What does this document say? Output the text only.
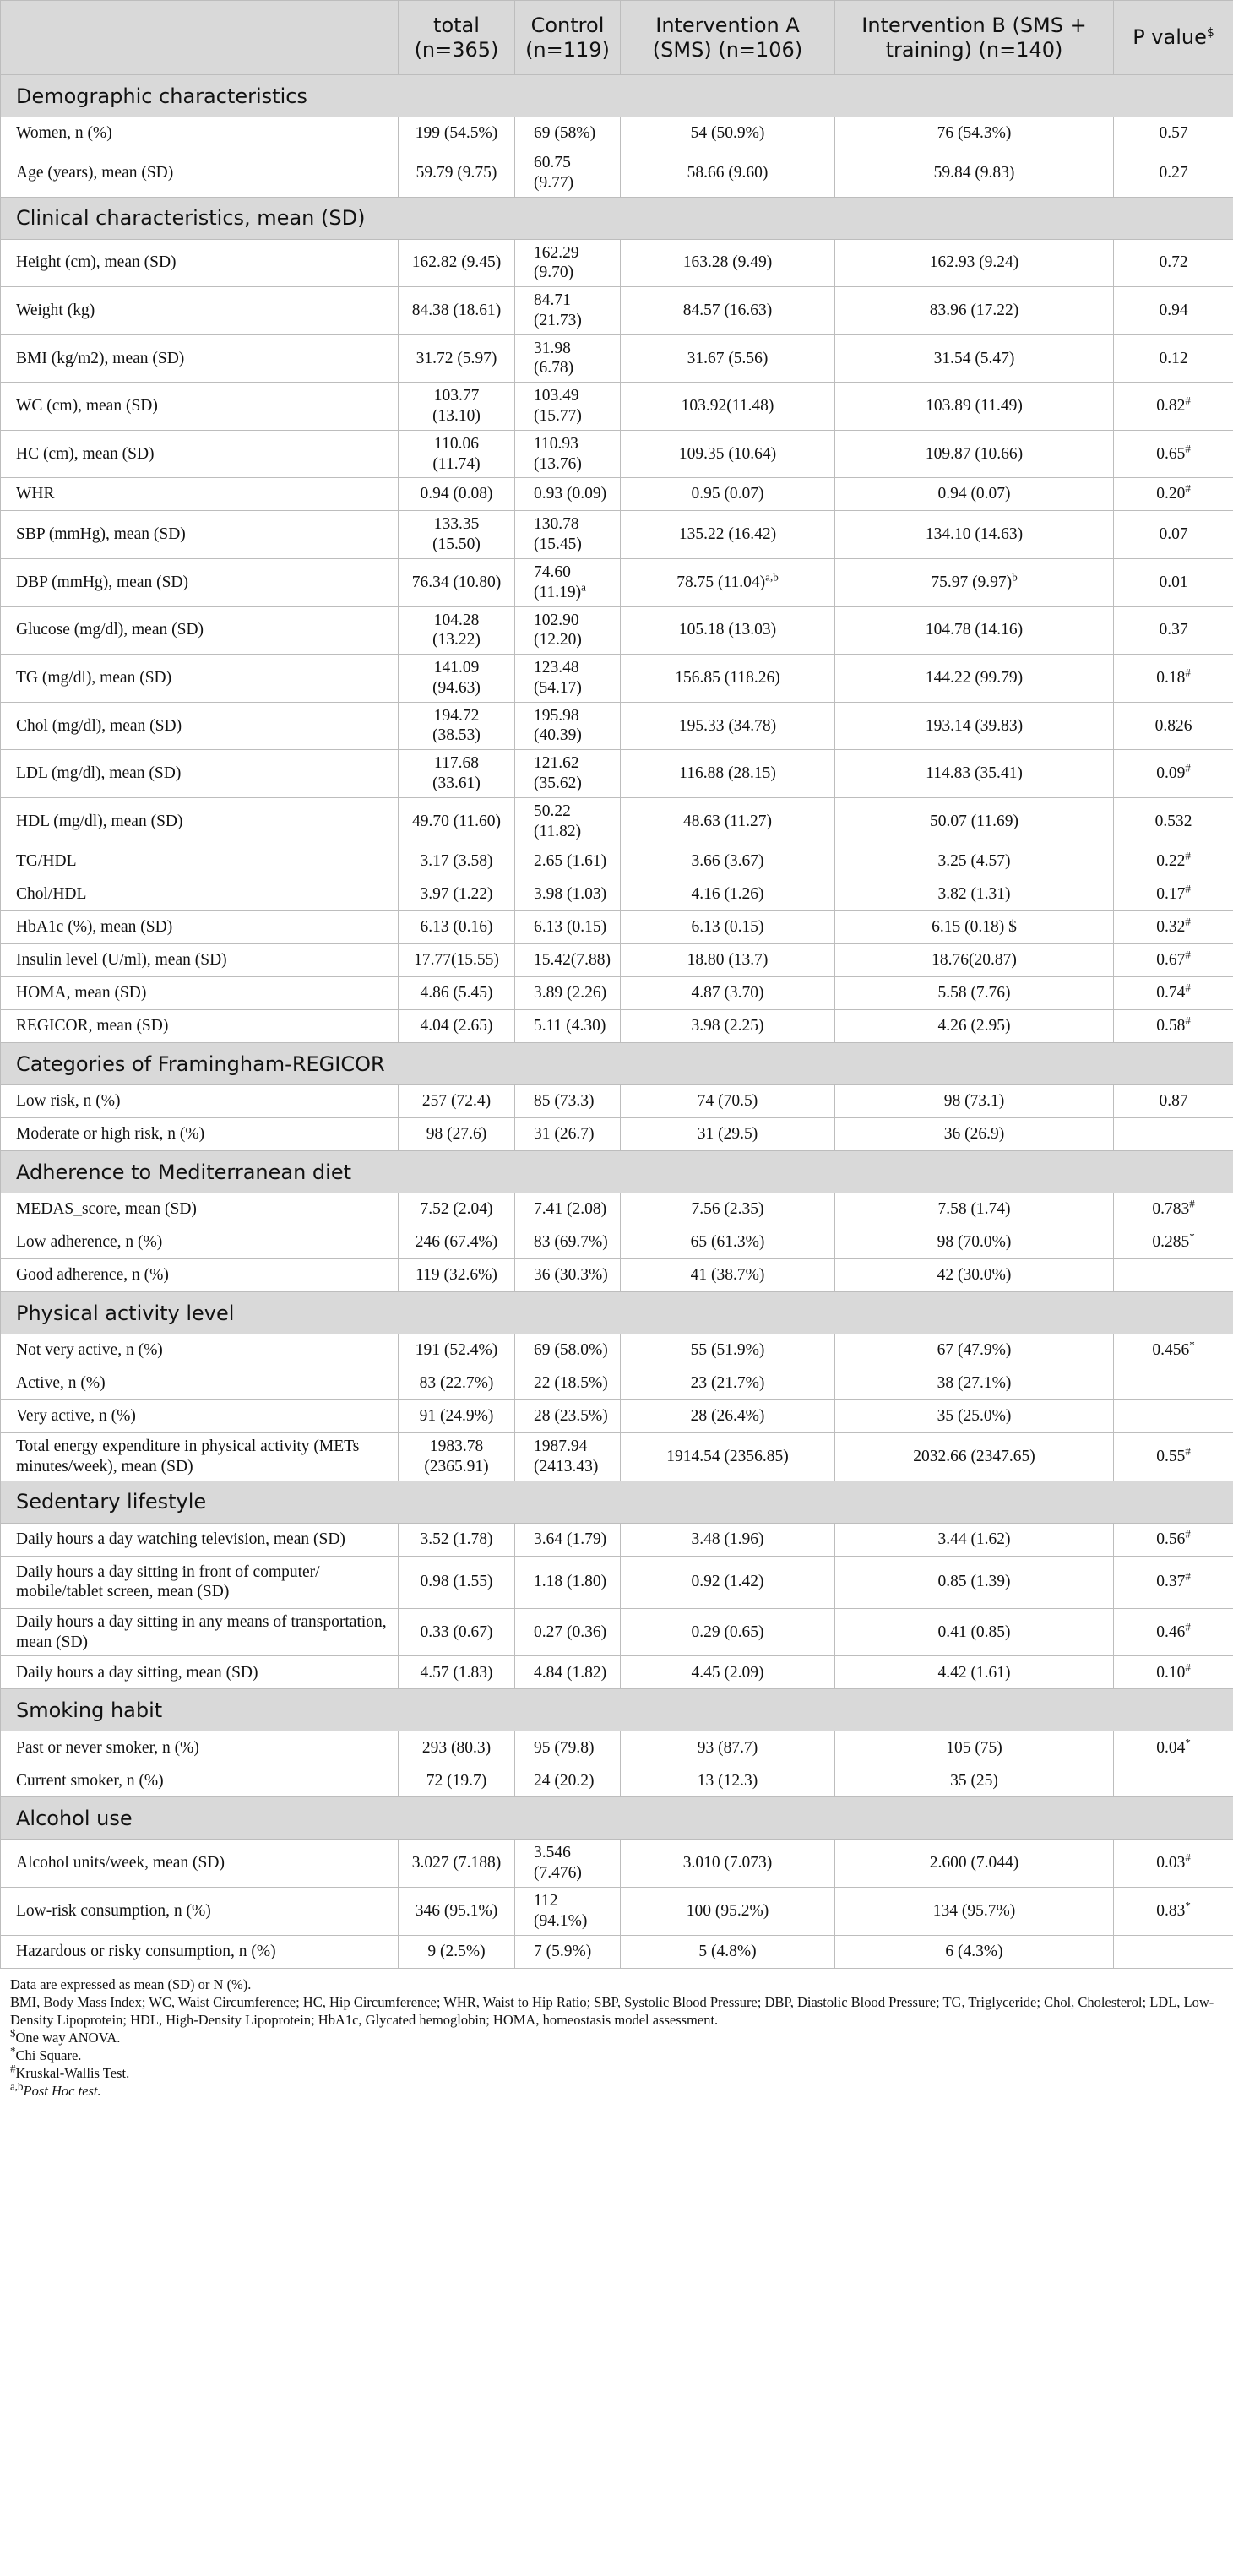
	total (n=365)	Control (n=119)	Intervention A (SMS) (n=106)	Intervention B (SMS + training) (n=140)	P value$
Demographic characteristics					
Women, n (%)	199 (54.5%)	69 (58%)	54 (50.9%)	76 (54.3%)	0.57
Age (years), mean (SD)	59.79 (9.75)	60.75 (9.77)	58.66 (9.60)	59.84 (9.83)	0.27
Clinical characteristics, mean (SD)					
Height (cm), mean (SD)	162.82 (9.45)	162.29 (9.70)	163.28 (9.49)	162.93 (9.24)	0.72
Weight (kg)	84.38 (18.61)	84.71 (21.73)	84.57 (16.63)	83.96 (17.22)	0.94
BMI (kg/m2), mean (SD)	31.72 (5.97)	31.98 (6.78)	31.67 (5.56)	31.54 (5.47)	0.12
WC (cm), mean (SD)	103.77 (13.10)	103.49 (15.77)	103.92(11.48)	103.89 (11.49)	0.82#
HC (cm), mean (SD)	110.06 (11.74)	110.93 (13.76)	109.35 (10.64)	109.87 (10.66)	0.65#
WHR	0.94 (0.08)	0.93 (0.09)	0.95 (0.07)	0.94 (0.07)	0.20#
SBP (mmHg), mean (SD)	133.35 (15.50)	130.78 (15.45)	135.22 (16.42)	134.10 (14.63)	0.07
DBP (mmHg), mean (SD)	76.34 (10.80)	74.60 $(11.19)^a$	78.75 $(11.04)^{a,b}$	75.97 $(9.97)^b$	0.01
Glucose (mg/dl), mean (SD)	104.28 (13.22)	102.90 (12.20)	105.18 (13.03)	104.78 (14.16)	0.37
TG (mg/dl), mean (SD)	141.09 (94.63)	123.48 (54.17)	156.85 (118.26)	144.22 (99.79)	0.18#
Chol (mg/dl), mean (SD)	194.72 (38.53)	195.98 (40.39)	195.33 (34.78)	193.14 (39.83)	0.826
LDL (mg/dl), mean (SD)	117.68 (33.61)	121.62 (35.62)	116.88 (28.15)	114.83 (35.41)	0.09#
HDL (mg/dl), mean (SD)	49.70 (11.60)	50.22 (11.82)	48.63 (11.27)	50.07 (11.69)	0.532
TG/HDL	3.17 (3.58)	2.65 (1.61)	3.66 (3.67)	3.25 (4.57)	0.22#
Chol/HDL	3.97 (1.22)	3.98 (1.03)	4.16 (1.26)	3.82 (1.31)	0.17#
HbA1c (%), mean (SD)	6.13 (0.16)	6.13 (0.15)	6.13 (0.15)	6.15 (0.18) $	0.32#
Insulin level (U/ml), mean (SD)	17.77(15.55)	15.42(7.88)	18.80 (13.7)	18.76(20.87)	0.67#
HOMA, mean (SD)	4.86 (5.45)	3.89 (2.26)	4.87 (3.70)	5.58 (7.76)	0.74#
REGICOR, mean (SD)	4.04 (2.65)	5.11 (4.30)	3.98 (2.25)	4.26 (2.95)	0.58#
Categories of Framingham-REGICOR					
Low risk, n (%)	257 (72.4)	85 (73.3)	74 (70.5)	98 (73.1)	0.87
Moderate or high risk, n (%)	98 (27.6)	31 (26.7)	31 (29.5)	36 (26.9)	
Adherence to Mediterranean diet					
MEDAS_score, mean (SD)	7.52 (2.04)	7.41 (2.08)	7.56 (2.35)	7.58 (1.74)	0.783#
Low adherence, n (%)	246 (67.4%)	83 (69.7%)	65 (61.3%)	98 (70.0%)	0.285*
Good adherence, n (%)	119 (32.6%)	36 (30.3%)	41 (38.7%)	42 (30.0%)	
Physical activity level					
Not very active, n (%)	191 (52.4%)	69 (58.0%)	55 (51.9%)	67 (47.9%)	0.456*
Active, n (%)	83 (22.7%)	22 (18.5%)	23 (21.7%)	38 (27.1%)	
Very active, n (%)	91 (24.9%)	28 (23.5%)	28 (26.4%)	35 (25.0%)	
Total energy expenditure in physical activity (METs minutes/week), mean (SD)	1983.78 (2365.91)	1987.94 (2413.43)	1914.54 (2356.85)	2032.66 (2347.65)	0.55#
Sedentary lifestyle					
Daily hours a day watching television, mean (SD)	3.52 (1.78)	3.64 (1.79)	3.48 (1.96)	3.44 (1.62)	0.56#
Daily hours a day sitting in front of computer/ mobile/tablet screen, mean (SD)	0.98 (1.55)	1.18 (1.80)	0.92 (1.42)	0.85 (1.39)	0.37#
Daily hours a day sitting in any means of transportation, mean (SD)	0.33 (0.67)	0.27 (0.36)	0.29 (0.65)	0.41 (0.85)	0.46#
Daily hours a day sitting, mean (SD)	4.57 (1.83)	4.84 (1.82)	4.45 (2.09)	4.42 (1.61)	0.10#
Smoking habit					
Past or never smoker, n (%)	293 (80.3)	95 (79.8)	93 (87.7)	105 (75)	0.04*
Current smoker, n (%)	72 (19.7)	24 (20.2)	13 (12.3)	35 (25)	
Alcohol use					
Alcohol units/week, mean (SD)	3.027 (7.188)	3.546 (7.476)	3.010 (7.073)	2.600 (7.044)	0.03#
Low-risk consumption, n (%)	346 (95.1%)	112 (94.1%)	100 (95.2%)	134 (95.7%)	0.83*
Hazardous or risky consumption, n (%)	9 (2.5%)	7 (5.9%)	5 (4.8%)	6 (4.3%)	

Data are expressed as mean (SD) or N (%).

BMI, Body Mass Index; WC, Waist Circumference; HC, Hip Circumference; WHR, Waist to Hip Ratio; SBP, Systolic Blood Pressure; DBP, Diastolic Blood Pressure; TG, Triglyceride; Chol, Cholesterol; LDL, Low-Density Lipoprotein; HDL, High-Density Lipoprotein; HbA1c, Glycated hemoglobin; HOMA, homeostasis model assessment.

$One way ANOVA.

*Chi Square.

#Kruskal-Wallis Test.

$^{a,b}$Post Hoc test.
